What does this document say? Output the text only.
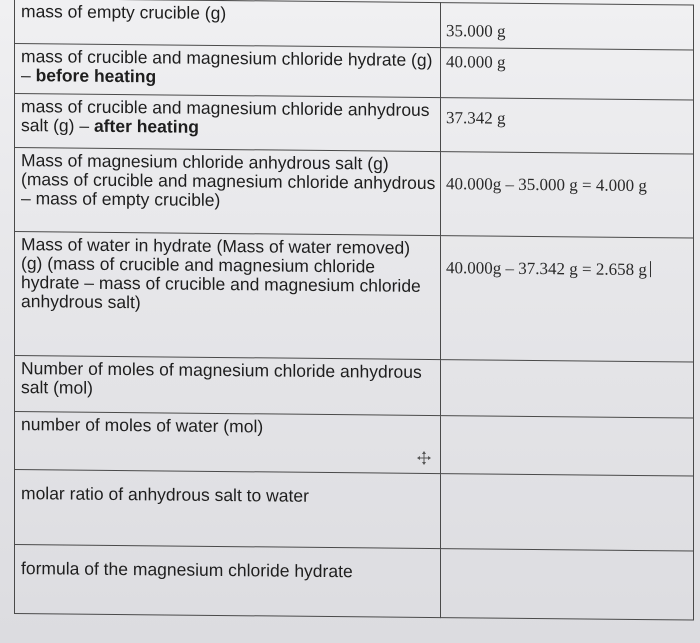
mass of empty crucible (g)	35.000 g
mass of crucible and magnesium chloride hydrate (g) – before heating	40.000 g
mass of crucible and magnesium chloride anhydrous salt (g) – after heating	37.342 g
Mass of magnesium chloride anhydrous salt (g) (mass of crucible and magnesium chloride anhydrous – mass of empty crucible)	40.000g – 35.000 g = 4.000 g
Mass of water in hydrate (Mass of water removed) (g) (mass of crucible and magnesium chloride hydrate – mass of crucible and magnesium chloride anhydrous salt)	40.000g – 37.342 g = 2.658 g
Number of moles of magnesium chloride anhydrous salt (mol)	
number of moles of water (mol)	
molar ratio of anhydrous salt to water	
formula of the magnesium chloride hydrate	
